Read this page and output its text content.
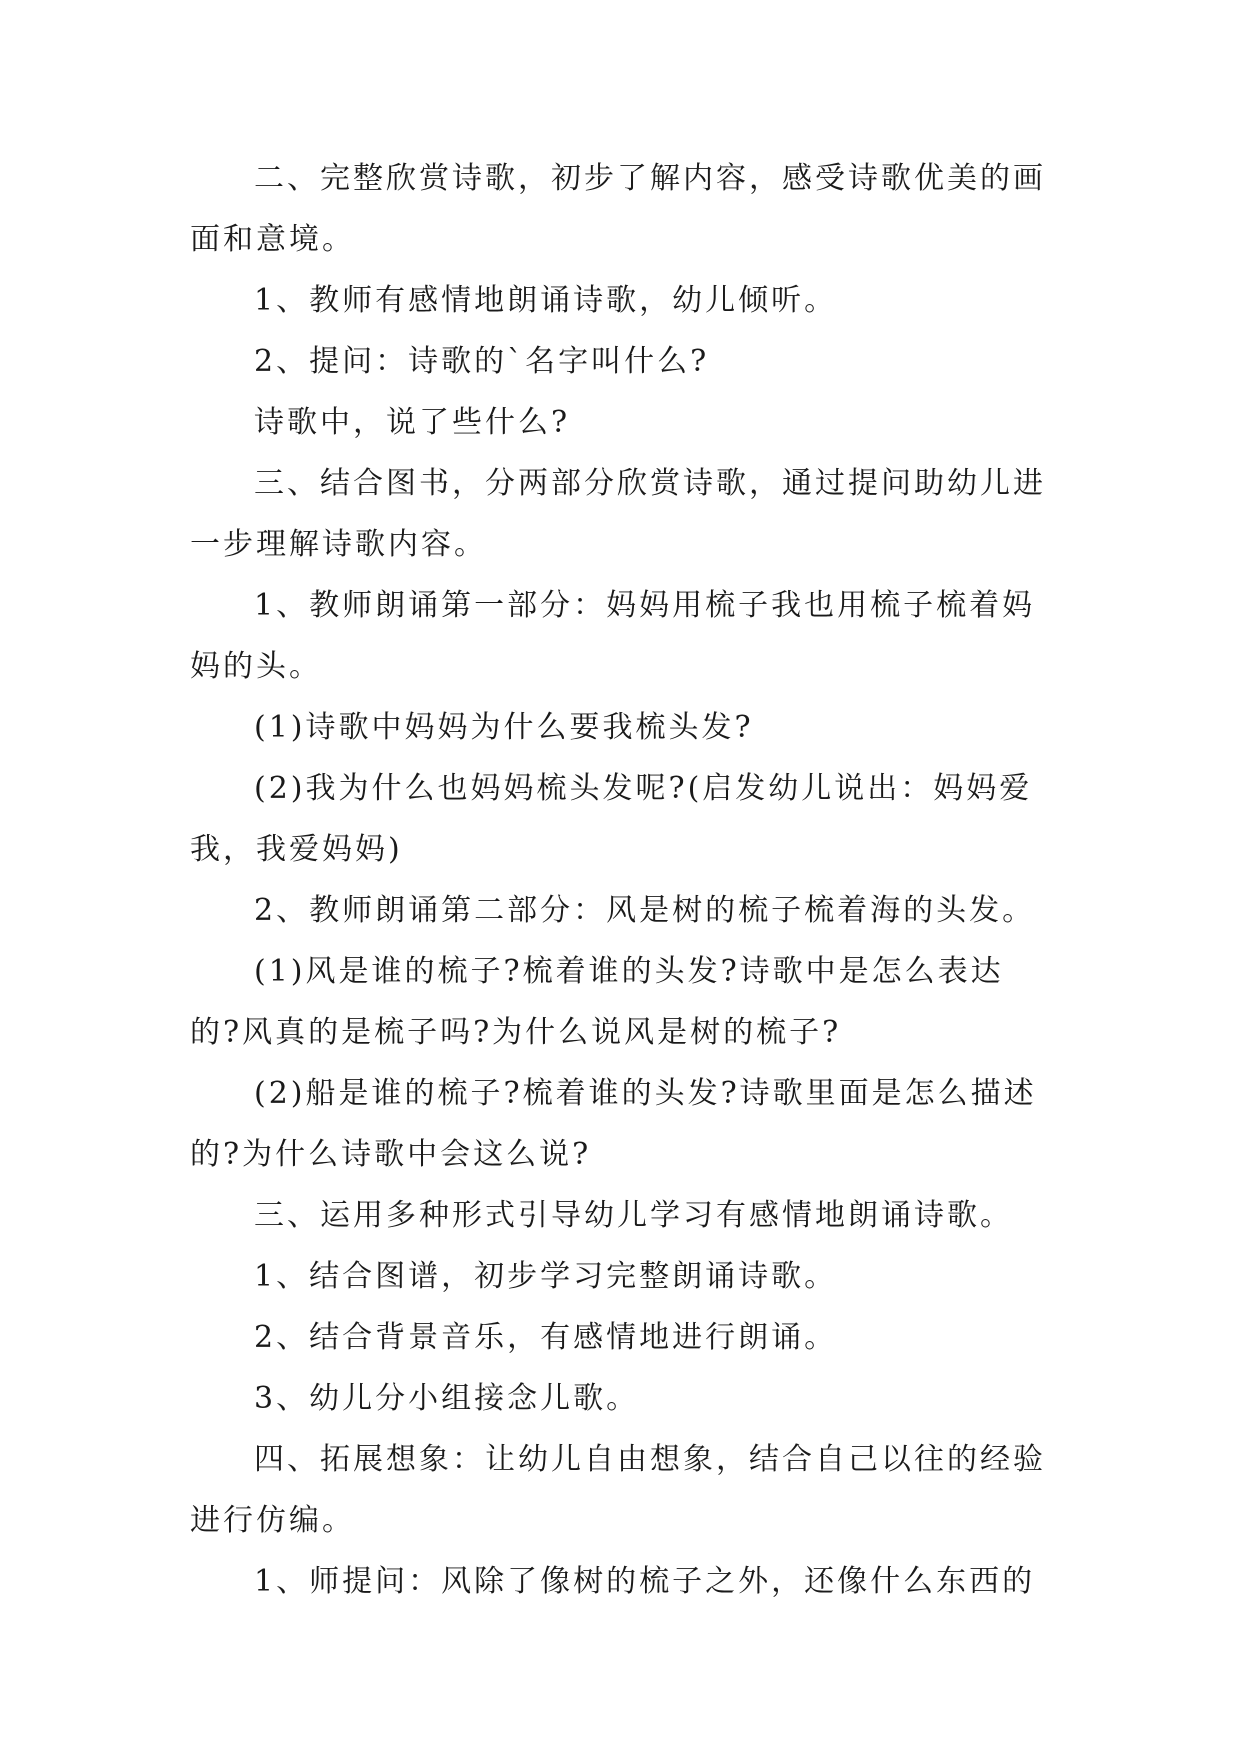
二、完整欣赏诗歌，初步了解内容，感受诗歌优美的画面和意境。

1、教师有感情地朗诵诗歌，幼儿倾听。

2、提问：诗歌的`名字叫什么?

诗歌中，说了些什么?

三、结合图书，分两部分欣赏诗歌，通过提问助幼儿进一步理解诗歌内容。

1、教师朗诵第一部分：妈妈用梳子我也用梳子梳着妈妈的头。

(1)诗歌中妈妈为什么要我梳头发?

(2)我为什么也妈妈梳头发呢?(启发幼儿说出：妈妈爱我，我爱妈妈)

2、教师朗诵第二部分：风是树的梳子梳着海的头发。

(1)风是谁的梳子?梳着谁的头发?诗歌中是怎么表达的?风真的是梳子吗?为什么说风是树的梳子?

(2)船是谁的梳子?梳着谁的头发?诗歌里面是怎么描述的?为什么诗歌中会这么说?

三、运用多种形式引导幼儿学习有感情地朗诵诗歌。

1、结合图谱，初步学习完整朗诵诗歌。

2、结合背景音乐，有感情地进行朗诵。

3、幼儿分小组接念儿歌。

四、拓展想象：让幼儿自由想象，结合自己以往的经验进行仿编。

1、师提问：风除了像树的梳子之外，还像什么东西的
